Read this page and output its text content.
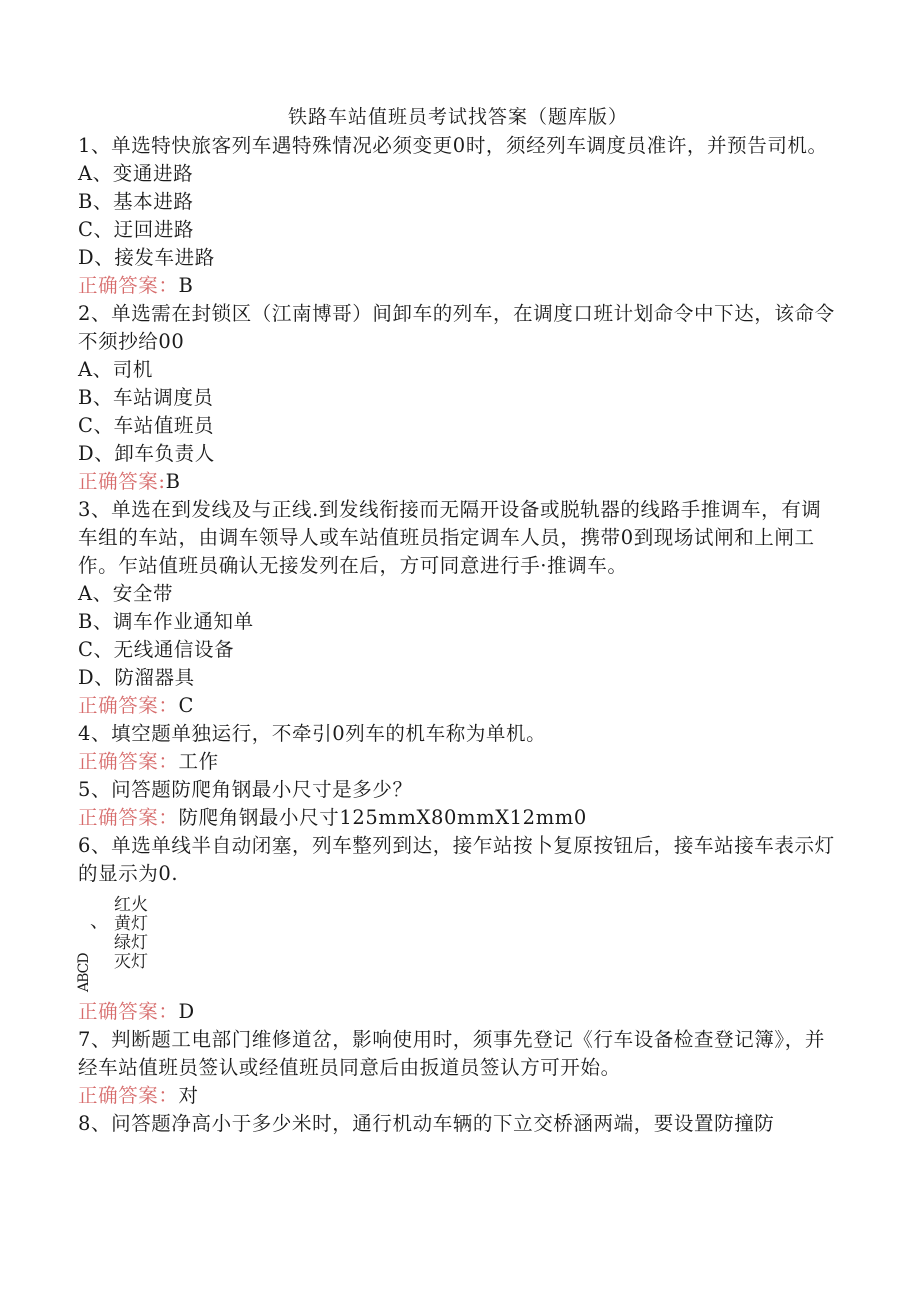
铁路车站值班员考试找答案（题库版）

1、单选特快旅客列车遇特殊情况必须变更0时，须经列车调度员准许，并预告司机。

A、变通进路

B、基本进路

C、迂回进路

D、接发车进路

正确答案：B

2、单选需在封锁区（江南博哥）间卸车的列车，在调度口班计划命令中下达，该命令不须抄给00

A、司机

B、车站调度员

C、车站值班员

D、卸车负责人

正确答案:B

3、单选在到发线及与正线.到发线衔接而无隔开设备或脱轨器的线路手推调车，有调车组的车站，由调车领导人或车站值班员指定调车人员，携带0到现场试闸和上闸工作。乍站值班员确认无接发列在后，方可同意进行手·推调车。

A、安全带

B、调车作业通知单

C、无线通信设备

D、防溜器具

正确答案：C

4、填空题单独运行，不牵引0列车的机车称为单机。

正确答案：工作

5、问答题防爬角钢最小尺寸是多少？

正确答案：防爬角钢最小尺寸125mmX80mmX12mm0

6、单选单线半自动闭塞，列车整列到达，接乍站按卜复原按钮后，接车站接车表示灯的显示为0.

ABCD
、
红火
黄灯
绿灯
灭灯

正确答案：D

7、判断题工电部门维修道岔，影响使用时，须事先登记《行车设备检查登记簿》，并经车站值班员签认或经值班员同意后由扳道员签认方可开始。

正确答案：对

8、问答题净高小于多少米时，通行机动车辆的下立交桥涵两端，要设置防撞防
